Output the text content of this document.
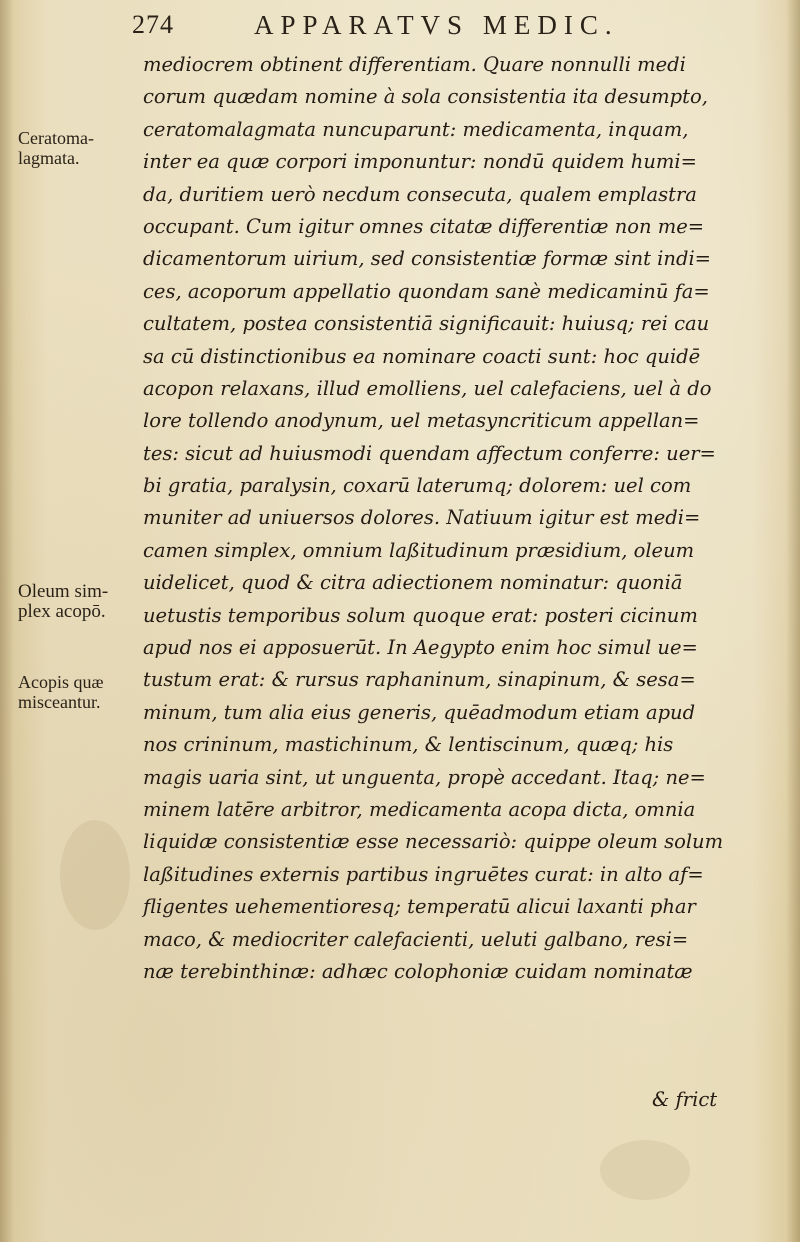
274	APPARATVS MEDIC.
Ceratoma-
lagmata.
Oleum sim-
plex acopō.
Acopis quæ
misceantur.
mediocrem obtinent differentiam. Quare nonnulli medi
corum quædam nomine à sola consistentia ita desumpto,
ceratomalagmata nuncuparunt: medicamenta, inquam,
inter ea quæ corpori imponuntur: nondū quidem humi=
da, duritiem uerò necdum consecuta, qualem emplastra
occupant. Cum igitur omnes citatæ differentiæ non me=
dicamentorum uirium, sed consistentiæ formæ sint indi=
ces, acoporum appellatio quondam sanè medicaminū fa=
cultatem, postea consistentiā significauit: huiusq; rei cau
sa cū distinctionibus ea nominare coacti sunt: hoc quidē
acopon relaxans, illud emolliens, uel calefaciens, uel à do
lore tollendo anodynum, uel metasyncriticum appellan=
tes: sicut ad huiusmodi quendam affectum conferre: uer=
bi gratia, paralysin, coxarū laterumq; dolorem: uel com
muniter ad uniuersos dolores. Natiuum igitur est medi=
camen simplex, omnium laßitudinum præsidium, oleum
uidelicet, quod & citra adiectionem nominatur: quoniā
uetustis temporibus solum quoque erat: posteri cicinum
apud nos ei apposuerūt. In Aegypto enim hoc simul ue=
tustum erat: & rursus raphaninum, sinapinum, & sesa=
minum, tum alia eius generis, quēadmodum etiam apud
nos crininum, mastichinum, & lentiscinum, quæq; his
magis uaria sint, ut unguenta, propè accedant. Itaq; ne=
minem latēre arbitror, medicamenta acopa dicta, omnia
liquidæ consistentiæ esse necessariò: quippe oleum solum
laßitudines externis partibus ingruētes curat: in alto af=
fligentes uehementioresq; temperatū alicui laxanti phar
maco, & mediocriter calefacienti, ueluti galbano, resi=
næ terebinthinæ: adhæc colophoniæ cuidam nominatæ
& frict
